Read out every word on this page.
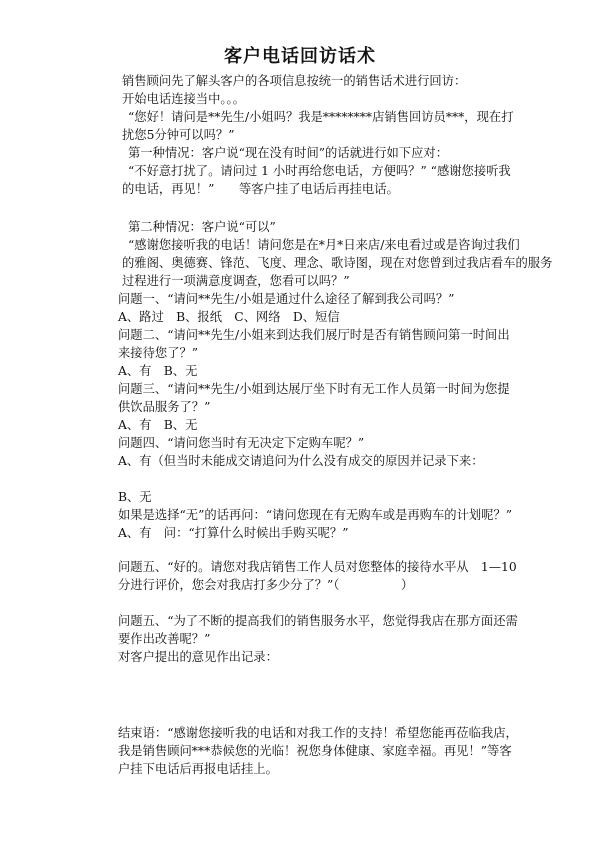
客户电话回访话术
销售顾问先了解头客户的各项信息按统一的销售话术进行回访：
开始电话连接当中。。。
“您好！请问是**先生/小姐吗？我是********店销售回访员***，现在打
扰您5分钟可以吗？”
第一种情况：客户说“现在没有时间”的话就进行如下应对：
“不好意打扰了。请问过 1 小时再给您电话，方便吗？” “感谢您接听我
的电话，再见！”　　等客户挂了电话后再挂电话。
第二种情况：客户说“可以”
“感谢您接听我的电话！请问您是在*月*日来店/来电看过或是咨询过我们
的雅阁、奥德赛、锋范、飞度、理念、歌诗图，现在对您曾到过我店看车的服务
过程进行一项满意度调查，您看可以吗？”
问题一、“请问**先生/小姐是通过什么途径了解到我公司吗？”
A、路过　B、报纸　C、网络　D、短信
问题二、“请问**先生/小姐来到达我们展厅时是否有销售顾问第一时间出
来接待您了？”
A、有　B、无
问题三、“请问**先生/小姐到达展厅坐下时有无工作人员第一时间为您提
供饮品服务了？”
A、有　B、无
问题四、“请问您当时有无决定下定购车呢？”
A、有（但当时未能成交请追问为什么没有成交的原因并记录下来：
B、无
如果是选择“无”的话再问：“请问您现在有无购车或是再购车的计划呢？”
A、有　问：“打算什么时候出手购买呢？”
问题五、“好的。请您对我店销售工作人员对您整体的接待水平从　1—10
分进行评价，您会对我店打多少分了？”（　　　　　）
问题五、“为了不断的提高我们的销售服务水平，您觉得我店在那方面还需
要作出改善呢？”
对客户提出的意见作出记录：
结束语：“感谢您接听我的电话和对我工作的支持！希望您能再莅临我店，
我是销售顾问***恭候您的光临！祝您身体健康、家庭幸福。再见！”等客
户挂下电话后再报电话挂上。
